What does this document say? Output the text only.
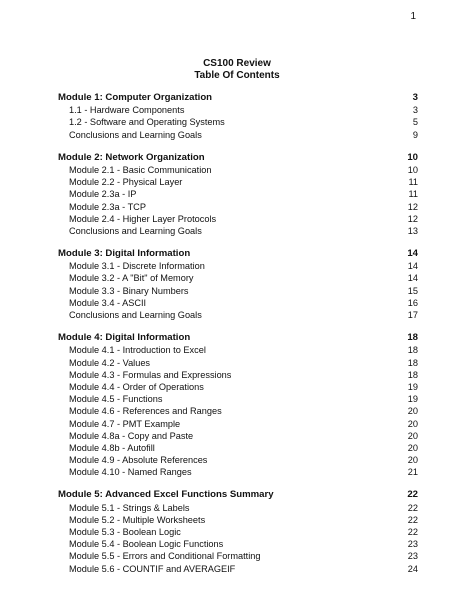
1
CS100 Review
Table Of Contents
Module 1: Computer Organization	3
1.1 - Hardware Components	3
1.2 - Software and Operating Systems	5
Conclusions and Learning Goals	9
Module 2: Network Organization	10
Module 2.1 - Basic Communication	10
Module 2.2 - Physical Layer	11
Module 2.3a - IP	11
Module 2.3a - TCP	12
Module 2.4 - Higher Layer Protocols	12
Conclusions and Learning Goals	13
Module 3: Digital Information	14
Module 3.1 - Discrete Information	14
Module 3.2 - A "Bit" of Memory	14
Module 3.3 - Binary Numbers	15
Module 3.4 - ASCII	16
Conclusions and Learning Goals	17
Module 4: Digital Information	18
Module 4.1 - Introduction to Excel	18
Module 4.2 - Values	18
Module 4.3 - Formulas and Expressions	18
Module 4.4 - Order of Operations	19
Module 4.5 - Functions	19
Module 4.6 - References and Ranges	20
Module 4.7 - PMT Example	20
Module 4.8a - Copy and Paste	20
Module 4.8b - Autofill	20
Module 4.9 - Absolute References	20
Module 4.10 - Named Ranges	21
Module 5: Advanced Excel Functions Summary	22
Module 5.1 - Strings & Labels	22
Module 5.2 - Multiple Worksheets	22
Module 5.3 - Boolean Logic	22
Module 5.4 - Boolean Logic Functions	23
Module 5.5 - Errors and Conditional Formatting	23
Module 5.6 - COUNTIF and AVERAGEIF	24
